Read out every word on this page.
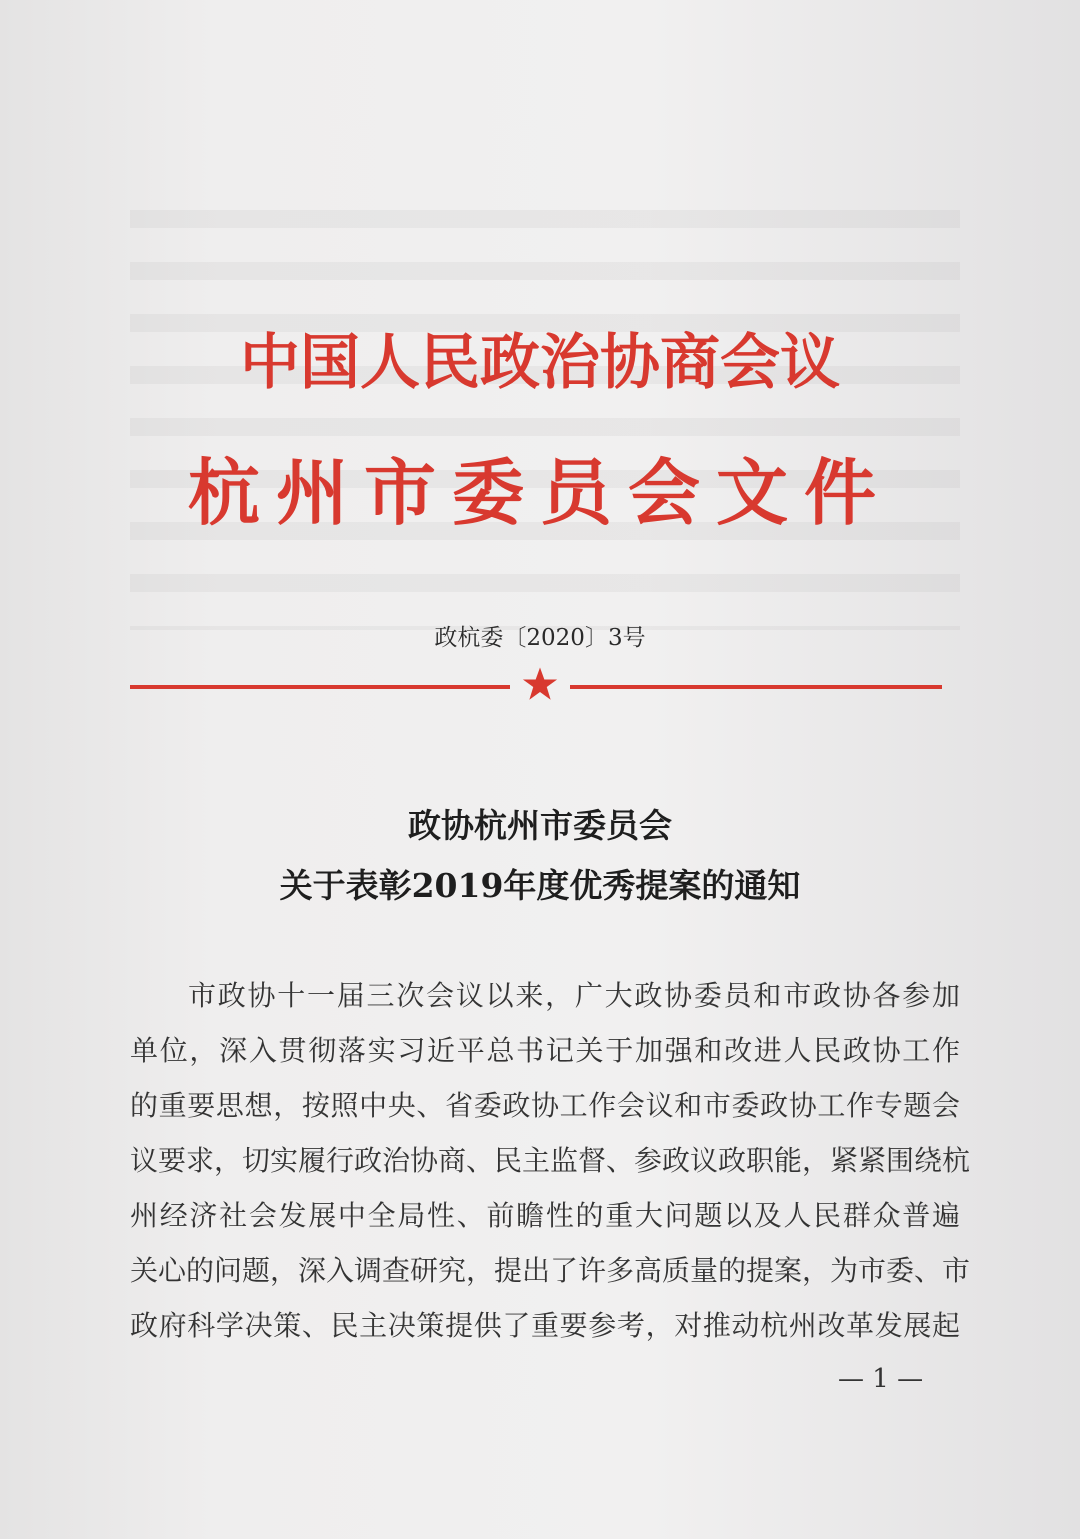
中国人民政治协商会议
杭州市委员会文件
政杭委〔2020〕3号
政协杭州市委员会
关于表彰2019年度优秀提案的通知
市政协十一届三次会议以来，广大政协委员和市政协各参加
单位，深入贯彻落实习近平总书记关于加强和改进人民政协工作
的重要思想，按照中央、省委政协工作会议和市委政协工作专题会
议要求，切实履行政治协商、民主监督、参政议政职能，紧紧围绕杭
州经济社会发展中全局性、前瞻性的重大问题以及人民群众普遍
关心的问题，深入调查研究，提出了许多高质量的提案，为市委、市
政府科学决策、民主决策提供了重要参考，对推动杭州改革发展起
— 1 —
